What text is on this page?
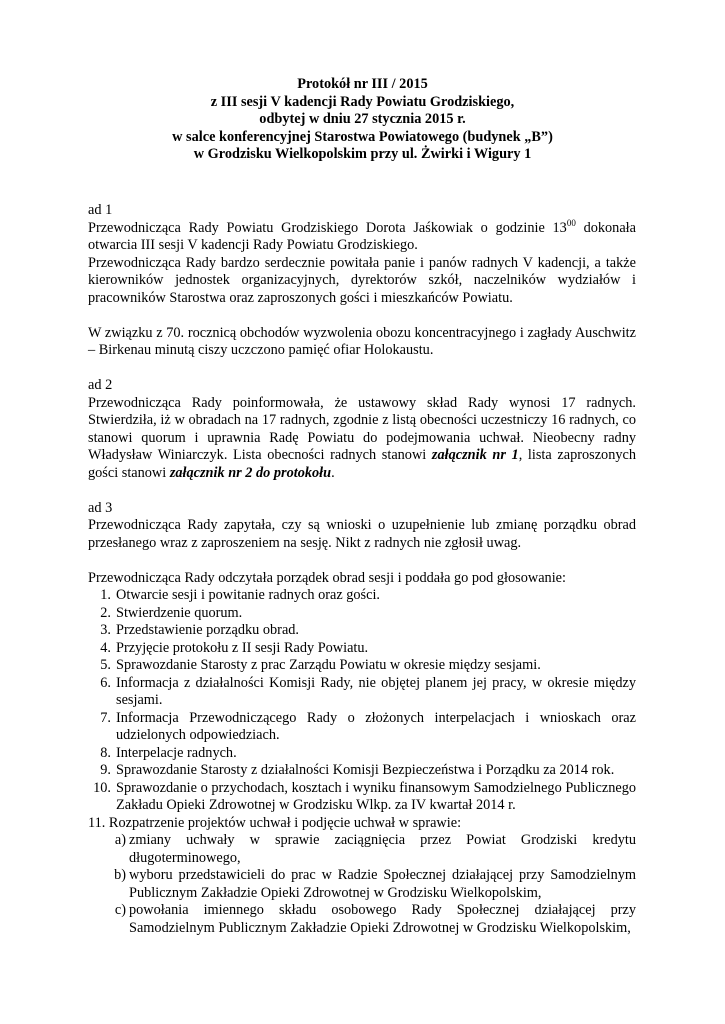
Protokół nr III / 2015
z III sesji V kadencji Rady Powiatu Grodziskiego,
odbytej w dniu 27 stycznia 2015 r.
w salce konferencyjnej Starostwa Powiatowego (budynek „B”)
w Grodzisku Wielkopolskim przy ul. Żwirki i Wigury 1

ad 1

Przewodnicząca Rady Powiatu Grodziskiego Dorota Jaśkowiak o godzinie $13^{00}$ dokonała otwarcia III sesji V kadencji Rady Powiatu Grodziskiego.

Przewodnicząca Rady bardzo serdecznie powitała panie i panów radnych V kadencji, a także kierowników jednostek organizacyjnych, dyrektorów szkół, naczelników wydziałów i pracowników Starostwa oraz zaproszonych gości i mieszkańców Powiatu.

W związku z 70. rocznicą obchodów wyzwolenia obozu koncentracyjnego i zagłady Auschwitz – Birkenau minutą ciszy uczczono pamięć ofiar Holokaustu.

ad 2

Przewodnicząca Rady poinformowała, że ustawowy skład Rady wynosi 17 radnych. Stwierdziła, iż w obradach na 17 radnych, zgodnie z listą obecności uczestniczy 16 radnych, co stanowi quorum i uprawnia Radę Powiatu do podejmowania uchwał. Nieobecny radny Władysław Winiarczyk. Lista obecności radnych stanowi załącznik nr 1, lista zaproszonych gości stanowi załącznik nr 2 do protokołu.

ad 3

Przewodnicząca Rady zapytała, czy są wnioski o uzupełnienie lub zmianę porządku obrad przesłanego wraz z zaproszeniem na sesję. Nikt z radnych nie zgłosił uwag.

Przewodnicząca Rady odczytała porządek obrad sesji i poddała go pod głosowanie:

1. Otwarcie sesji i powitanie radnych oraz gości.
2. Stwierdzenie quorum.
3. Przedstawienie porządku obrad.
4. Przyjęcie protokołu z II sesji Rady Powiatu.
5. Sprawozdanie Starosty z prac Zarządu Powiatu w okresie między sesjami.
6. Informacja z działalności Komisji Rady, nie objętej planem jej pracy, w okresie między sesjami.
7. Informacja Przewodniczącego Rady o złożonych interpelacjach i wnioskach oraz udzielonych odpowiedziach.
8. Interpelacje radnych.
9. Sprawozdanie Starosty z działalności Komisji Bezpieczeństwa i Porządku za 2014 rok.
10. Sprawozdanie o przychodach, kosztach i wyniku finansowym Samodzielnego Publicznego Zakładu Opieki Zdrowotnej w Grodzisku Wlkp. za IV kwartał 2014 r.
11. Rozpatrzenie projektów uchwał i podjęcie uchwał w sprawie:
a) zmiany uchwały w sprawie zaciągnięcia przez Powiat Grodziski kredytu długoterminowego,
b) wyboru przedstawicieli do prac w Radzie Społecznej działającej przy Samodzielnym Publicznym Zakładzie Opieki Zdrowotnej w Grodzisku Wielkopolskim,
c) powołania imiennego składu osobowego Rady Społecznej działającej przy Samodzielnym Publicznym Zakładzie Opieki Zdrowotnej w Grodzisku Wielkopolskim,
